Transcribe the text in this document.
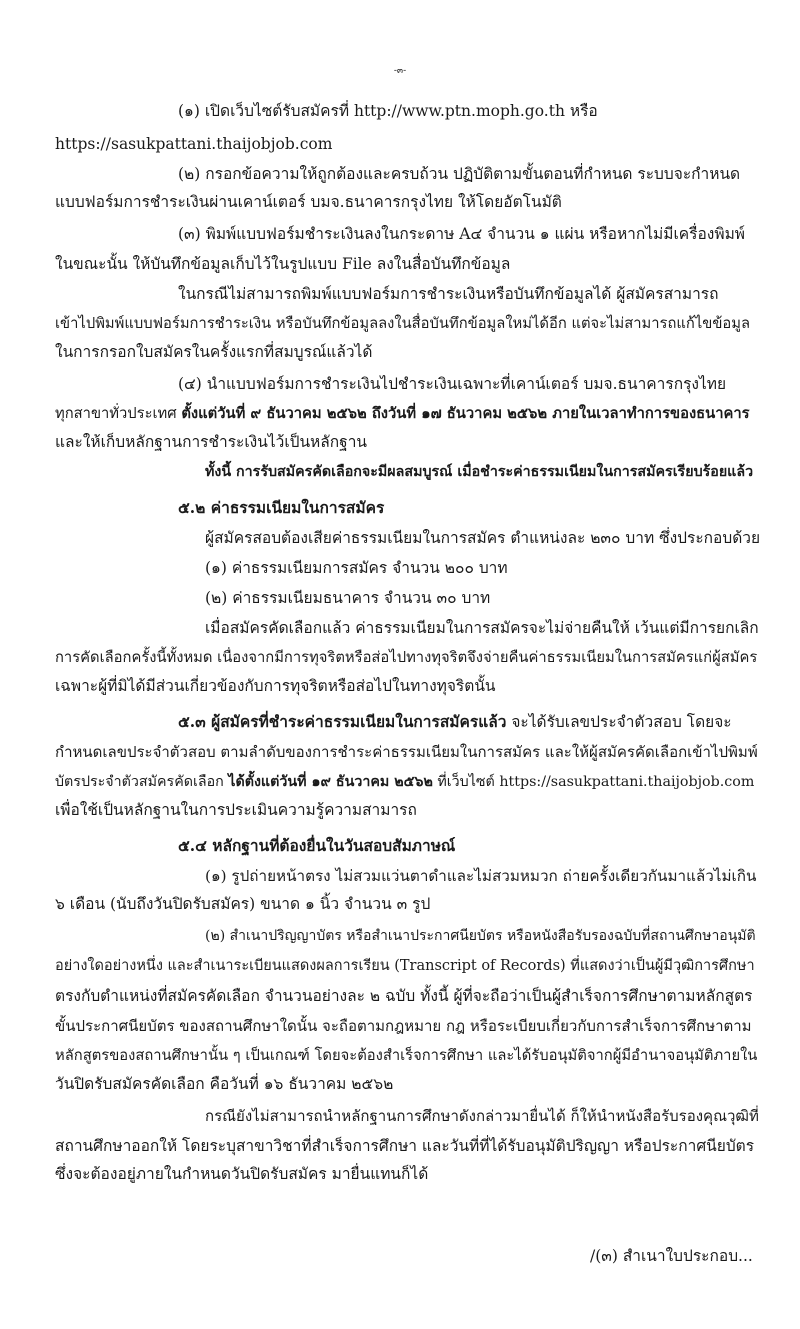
-๓-
(๑) เปิดเว็บไซต์รับสมัครที่ http://www.ptn.moph.go.th หรือ
https://sasukpattani.thaijobjob.com
(๒) กรอกข้อความให้ถูกต้องและครบถ้วน ปฏิบัติตามขั้นตอนที่กำหนด ระบบจะกำหนด
แบบฟอร์มการชำระเงินผ่านเคาน์เตอร์ บมจ.ธนาคารกรุงไทย ให้โดยอัตโนมัติ
(๓) พิมพ์แบบฟอร์มชำระเงินลงในกระดาษ A๔ จำนวน ๑ แผ่น หรือหากไม่มีเครื่องพิมพ์
ในขณะนั้น ให้บันทึกข้อมูลเก็บไว้ในรูปแบบ File ลงในสื่อบันทึกข้อมูล
ในกรณีไม่สามารถพิมพ์แบบฟอร์มการชำระเงินหรือบันทึกข้อมูลได้ ผู้สมัครสามารถ
เข้าไปพิมพ์แบบฟอร์มการชำระเงิน หรือบันทึกข้อมูลลงในสื่อบันทึกข้อมูลใหม่ได้อีก แต่จะไม่สามารถแก้ไขข้อมูล
ในการกรอกใบสมัครในครั้งแรกที่สมบูรณ์แล้วได้
(๔) นำแบบฟอร์มการชำระเงินไปชำระเงินเฉพาะที่เคาน์เตอร์ บมจ.ธนาคารกรุงไทย
ทุกสาขาทั่วประเทศ ตั้งแต่วันที่ ๙ ธันวาคม ๒๕๖๒ ถึงวันที่ ๑๗ ธันวาคม ๒๕๖๒ ภายในเวลาทำการของธนาคาร
และให้เก็บหลักฐานการชำระเงินไว้เป็นหลักฐาน
ทั้งนี้ การรับสมัครคัดเลือกจะมีผลสมบูรณ์ เมื่อชำระค่าธรรมเนียมในการสมัครเรียบร้อยแล้ว
๕.๒ ค่าธรรมเนียมในการสมัคร
ผู้สมัครสอบต้องเสียค่าธรรมเนียมในการสมัคร ตำแหน่งละ ๒๓๐ บาท ซึ่งประกอบด้วย
(๑) ค่าธรรมเนียมการสมัคร จำนวน ๒๐๐ บาท
(๒) ค่าธรรมเนียมธนาคาร จำนวน ๓๐ บาท
เมื่อสมัครคัดเลือกแล้ว ค่าธรรมเนียมในการสมัครจะไม่จ่ายคืนให้ เว้นแต่มีการยกเลิก
การคัดเลือกครั้งนี้ทั้งหมด เนื่องจากมีการทุจริตหรือส่อไปทางทุจริตจึงจ่ายคืนค่าธรรมเนียมในการสมัครแก่ผู้สมัคร
เฉพาะผู้ที่มิได้มีส่วนเกี่ยวข้องกับการทุจริตหรือส่อไปในทางทุจริตนั้น
๕.๓ ผู้สมัครที่ชำระค่าธรรมเนียมในการสมัครแล้ว จะได้รับเลขประจำตัวสอบ โดยจะ
กำหนดเลขประจำตัวสอบ ตามลำดับของการชำระค่าธรรมเนียมในการสมัคร และให้ผู้สมัครคัดเลือกเข้าไปพิมพ์
บัตรประจำตัวสมัครคัดเลือก ได้ตั้งแต่วันที่ ๑๙ ธันวาคม ๒๕๖๒ ที่เว็บไซต์ https://sasukpattani.thaijobjob.com
เพื่อใช้เป็นหลักฐานในการประเมินความรู้ความสามารถ
๕.๔ หลักฐานที่ต้องยื่นในวันสอบสัมภาษณ์
(๑) รูปถ่ายหน้าตรง ไม่สวมแว่นตาดำและไม่สวมหมวก ถ่ายครั้งเดียวกันมาแล้วไม่เกิน
๖ เดือน (นับถึงวันปิดรับสมัคร) ขนาด ๑ นิ้ว จำนวน ๓ รูป
(๒) สำเนาปริญญาบัตร หรือสำเนาประกาศนียบัตร หรือหนังสือรับรองฉบับที่สถานศึกษาอนุมัติ
อย่างใดอย่างหนึ่ง และสำเนาระเบียนแสดงผลการเรียน (Transcript of Records) ที่แสดงว่าเป็นผู้มีวุฒิการศึกษา
ตรงกับตำแหน่งที่สมัครคัดเลือก จำนวนอย่างละ ๒ ฉบับ ทั้งนี้ ผู้ที่จะถือว่าเป็นผู้สำเร็จการศึกษาตามหลักสูตร
ขั้นประกาศนียบัตร ของสถานศึกษาใดนั้น จะถือตามกฎหมาย กฎ หรือระเบียบเกี่ยวกับการสำเร็จการศึกษาตาม
หลักสูตรของสถานศึกษานั้น ๆ เป็นเกณฑ์ โดยจะต้องสำเร็จการศึกษา และได้รับอนุมัติจากผู้มีอำนาจอนุมัติภายใน
วันปิดรับสมัครคัดเลือก คือวันที่ ๑๖ ธันวาคม ๒๕๖๒
กรณียังไม่สามารถนำหลักฐานการศึกษาดังกล่าวมายื่นได้ ก็ให้นำหนังสือรับรองคุณวุฒิที่
สถานศึกษาออกให้ โดยระบุสาขาวิชาที่สำเร็จการศึกษา และวันที่ที่ได้รับอนุมัติปริญญา หรือประกาศนียบัตร
ซึ่งจะต้องอยู่ภายในกำหนดวันปิดรับสมัคร มายื่นแทนก็ได้
/(๓) สำเนาใบประกอบ...
